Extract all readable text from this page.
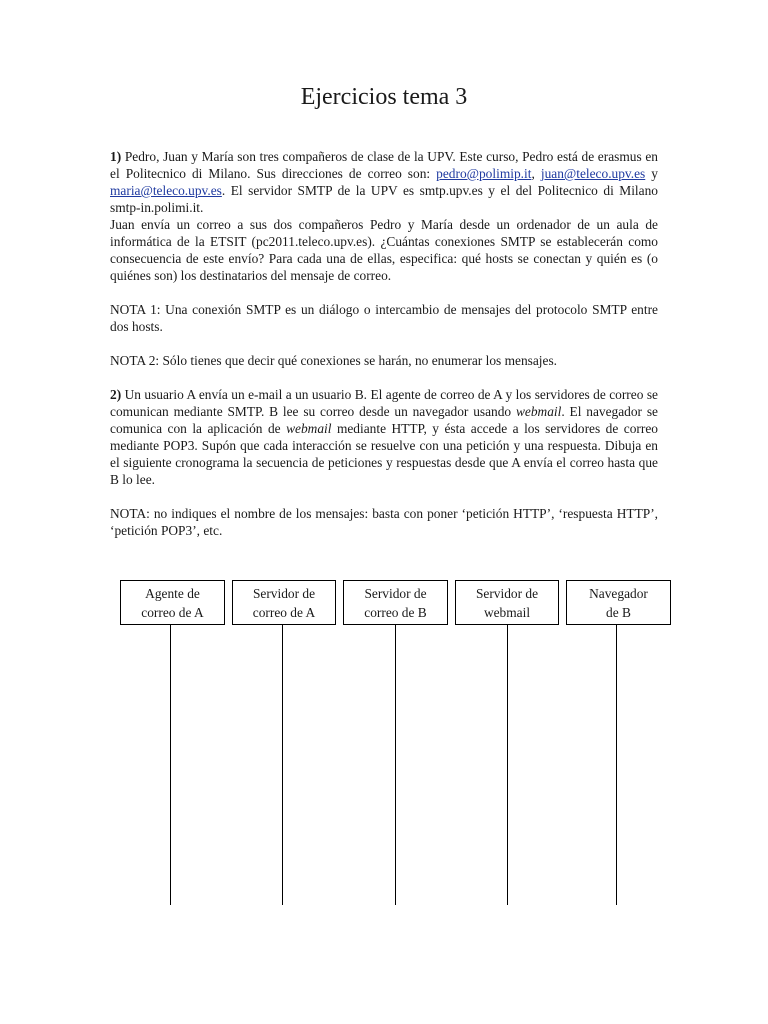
Ejercicios tema 3

1) Pedro, Juan y María son tres compañeros de clase de la UPV. Este curso, Pedro está de erasmus en el Politecnico di Milano. Sus direcciones de correo son: pedro@polimip.it, juan@teleco.upv.es y maria@teleco.upv.es. El servidor SMTP de la UPV es smtp.upv.es y el del Politecnico di Milano smtp-in.polimi.it.

Juan envía un correo a sus dos compañeros Pedro y María desde un ordenador de un aula de informática de la ETSIT (pc2011.teleco.upv.es). ¿Cuántas conexiones SMTP se establecerán como consecuencia de este envío? Para cada una de ellas, especifica: qué hosts se conectan y quién es (o quiénes son) los destinatarios del mensaje de correo.

NOTA 1: Una conexión SMTP es un diálogo o intercambio de mensajes del protocolo SMTP entre dos hosts.

NOTA 2: Sólo tienes que decir qué conexiones se harán, no enumerar los mensajes.

2) Un usuario A envía un e-mail a un usuario B. El agente de correo de A y los servidores de correo se comunican mediante SMTP. B lee su correo desde un navegador usando webmail. El navegador se comunica con la aplicación de webmail mediante HTTP, y ésta accede a los servidores de correo mediante POP3. Supón que cada interacción se resuelve con una petición y una respuesta. Dibuja en el siguiente cronograma la secuencia de peticiones y respuestas desde que A envía el correo hasta que B lo lee.

NOTA: no indiques el nombre de los mensajes: basta con poner ‘petición HTTP’, ‘respuesta HTTP’, ‘petición POP3’, etc.

Agente de
correo de A
Servidor de
correo de A
Servidor de
correo de B
Servidor de
webmail
Navegador
de B
